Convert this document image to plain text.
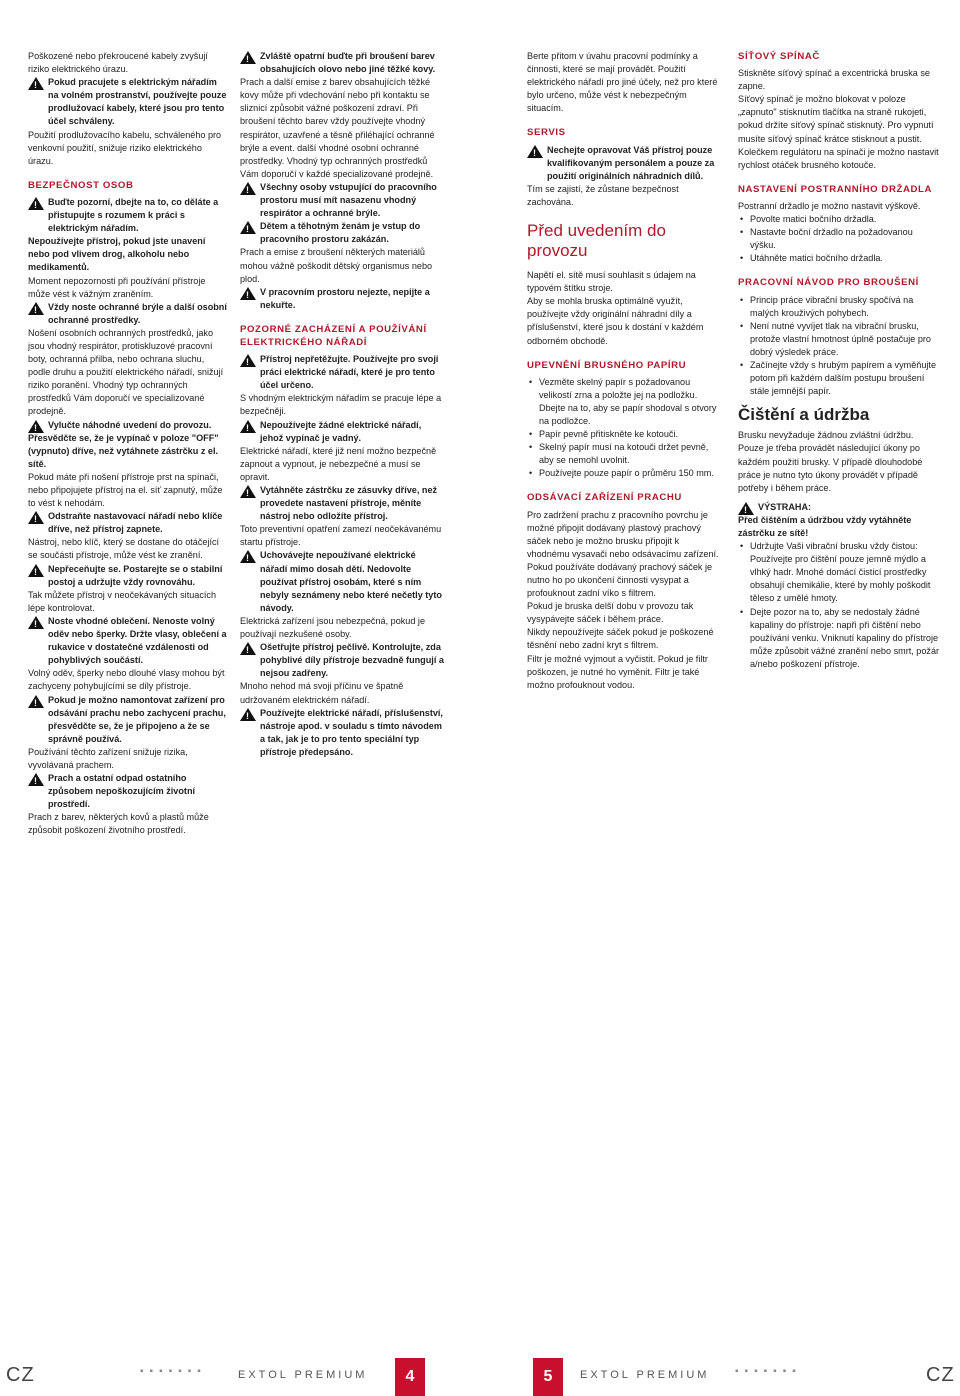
Poškozené nebo překroucené kabely zvyšují riziko elektrického úrazu.

!
Pokud pracujete s elektrickým nářadím na volném prostranství, používejte pouze prodlužovací kabely, které jsou pro tento účel schváleny.

Použití prodlužovacího kabelu, schváleného pro venkovní použití, snižuje riziko elektrického úrazu.

BEZPEČNOST OSOB
!
Buďte pozorní, dbejte na to, co děláte a přistupujte s rozumem k práci s elektrickým nářadím.

Nepoužívejte přístroj, pokud jste unavení nebo pod vlivem drog, alkoholu nebo medikamentů.

Moment nepozornosti při používání přístroje může vést k vážným zraněním.

!
Vždy noste ochranné brýle a další osobní ochranné prostředky.

Nošení osobních ochranných prostředků, jako jsou vhodný respirátor, protiskluzové pracovní boty, ochranná přilba, nebo ochrana sluchu, podle druhu a použití elektrického nářadí, snižují riziko poranění. Vhodný typ ochranných prostředků Vám doporučí ve specializované prodejně.

!
Vylučte náhodné uvedení do provozu.

Přesvědčte se, že je vypínač v poloze "OFF" (vypnuto) dříve, než vytáhnete zástrčku z el. sítě.

Pokud máte při nošení přístroje prst na spínači, nebo připojujete přístroj na el. síť zapnutý, může to vést k nehodám.

!
Odstraňte nastavovací nářadí nebo klíče dříve, než přístroj zapnete.

Nástroj, nebo klíč, který se dostane do otáčející se součásti přístroje, může vést ke zranění.

!
Nepřeceňujte se. Postarejte se o stabilní postoj a udržujte vždy rovnováhu.

Tak můžete přístroj v neočekávaných situacích lépe kontrolovat.

!
Noste vhodné oblečení. Nenoste volný oděv nebo šperky. Držte vlasy, oblečení a rukavice v dostatečné vzdálenosti od pohyblivých součástí.

Volný oděv, šperky nebo dlouhé vlasy mohou být zachyceny pohybujícími se díly přístroje.

!
Pokud je možno namontovat zařízení pro odsávání prachu nebo zachycení prachu, přesvědčte se, že je připojeno a že se správně používá.

Používání těchto zařízení snižuje rizika, vyvolávaná prachem.

!
Prach a ostatní odpad ostatního způsobem nepoškozujícím životní prostředí.

Prach z barev, některých kovů a plastů může způsobit poškození životního prostředí.

!
Zvláště opatrní buďte při broušení barev obsahujících olovo nebo jiné těžké kovy.

Prach a další emise z barev obsahujících těžké kovy může při vdechování nebo při kontaktu se sliznicí způsobit vážné poškození zdraví. Při broušení těchto barev vždy používejte vhodný respirátor, uzavřené a těsně přiléhající ochranné brýle a event. další vhodné osobní ochranné prostředky. Vhodný typ ochranných prostředků Vám doporučí v každé specializované prodejně.

!
Všechny osoby vstupující do pracovního prostoru musí mít nasazenu vhodný respirátor a ochranné brýle.
!
Dětem a těhotným ženám je vstup do pracovního prostoru zakázán.

Prach a emise z broušení některých materiálů mohou vážně poškodit dětský organismus nebo plod.

!
V pracovním prostoru nejezte, nepijte a nekuřte.
POZORNÉ ZACHÁZENÍ A POUŽÍVÁNÍ ELEKTRICKÉHO NÁŘADÍ
!
Přístroj nepřetěžujte. Používejte pro svoji práci elektrické nářadí, které je pro tento účel určeno.

S vhodným elektrickým nářadím se pracuje lépe a bezpečněji.

!
Nepoužívejte žádné elektrické nářadí, jehož vypínač je vadný.

Elektrické nářadí, které již není možno bezpečně zapnout a vypnout, je nebezpečné a musí se opravit.

!
Vytáhněte zástrčku ze zásuvky dříve, než provedete nastavení přístroje, měníte nástroj nebo odložíte přístroj.

Toto preventivní opatření zamezí neočekávanému startu přístroje.

!
Uchovávejte nepoužívané elektrické nářadí mimo dosah dětí. Nedovolte používat přístroj osobám, které s ním nebyly seznámeny nebo které nečetly tyto návody.

Elektrická zařízení jsou nebezpečná, pokud je používají nezkušené osoby.

!
Ošetřujte přístroj pečlivě. Kontrolujte, zda pohyblivé díly přístroje bezvadně fungují a nejsou zadřeny.

Mnoho nehod má svoji příčinu ve špatně udržovaném elektrickém nářadí.

!
Používejte elektrické nářadí, příslušenství, nástroje apod. v souladu s tímto návodem a tak, jak je to pro tento speciální typ přístroje předepsáno.

Berte přitom v úvahu pracovní podmínky a činnosti, které se mají provádět. Použití elektrického nářadí pro jiné účely, než pro které bylo určeno, může vést k nebezpečným situacím.

SERVIS
!
Nechejte opravovat Váš přístroj pouze kvalifikovaným personálem a pouze za použití originálních náhradních dílů.

Tím se zajistí, že zůstane bezpečnost zachována.

Před uvedením do provozu

Napětí el. sítě musí souhlasit s údajem na typovém štítku stroje.

Aby se mohla bruska optimálně využít, používejte vždy originální náhradní díly a příslušenství, které jsou k dostání v každém odborném obchodě.

UPEVNĚNÍ BRUSNÉHO PAPÍRU
• Vezměte skelný papír s požadovanou velikostí zrna a položte jej na podložku. Dbejte na to, aby se papír shodoval s otvory na podložce.
• Papír pevně přitiskněte ke kotouči.
• Skelný papír musí na kotouči držet pevně, aby se nemohl uvolnit.
• Používejte pouze papír o průměru 150 mm.
ODSÁVACÍ ZAŘÍZENÍ PRACHU

Pro zadržení prachu z pracovního povrchu je možné připojit dodávaný plastový prachový sáček nebo je možno brusku připojit k vhodnému vysavači nebo odsávacímu zařízení. Pokud používáte dodávaný prachový sáček je nutno ho po ukončení činnosti vysypat a profouknout zadní víko s filtrem.

Pokud je bruska delší dobu v provozu tak vysypávejte sáček i během práce.

Nikdy nepoužívejte sáček pokud je poškozené těsnění nebo zadní kryt s filtrem.

Filtr je možné vyjmout a vyčistit. Pokud je filtr poškozen, je nutné ho vyměnit. Filtr je také možno profouknout vodou.

SÍŤOVÝ SPÍNAČ

Stiskněte síťový spínač a excentrická bruska se zapne.

Síťový spínač je možno blokovat v poloze „zapnuto" stisknutím tlačítka na straně rukojeti, pokud držíte síťový spínač stisknutý. Pro vypnutí musíte síťový spínač krátce stisknout a pustit.

Kolečkem regulátoru na spínači je možno nastavit rychlost otáček brusného kotouče.

NASTAVENÍ POSTRANNÍHO DRŽADLA

Postranní držadlo je možno nastavit výškově.

• Povolte matici bočního držadla.
• Nastavte boční držadlo na požadovanou výšku.
• Utáhněte matici bočního držadla.
PRACOVNÍ NÁVOD PRO BROUŠENÍ
• Princip práce vibrační brusky spočívá na malých krouživých pohybech.
• Není nutné vyvíjet tlak na vibrační brusku, protože vlastní hmotnost úplně postačuje pro dobrý výsledek práce.
• Začínejte vždy s hrubým papírem a vyměňujte potom při každém dalším postupu broušení stále jemnější papír.
Čištění a údržba

Brusku nevyžaduje žádnou zvláštní údržbu. Pouze je třeba provádět následující úkony po každém použití brusky. V případě dlouhodobé práce je nutno tyto úkony provádět v případě potřeby i během práce.

!
VÝSTRAHA:

Před čištěním a údržbou vždy vytáhněte zástrčku ze sítě!

• Udržujte Vaši vibrační brusku vždy čistou: Používejte pro čištění pouze jemně mýdlo a vlhký hadr. Mnohé domácí čisticí prostředky obsahují chemikálie, které by mohly poškodit těleso z umělé hmoty.
• Dejte pozor na to, aby se nedostaly žádné kapaliny do přístroje: napři při čištění nebo používání venku. Vniknutí kapaliny do přístroje může způsobit vážné zranění nebo smrt, požár a/nebo poškození přístroje.
CZ	▪▪▪▪▪▪▪	EXTOL PREMIUM	4	5	EXTOL PREMIUM	▪▪▪▪▪▪▪	CZ
